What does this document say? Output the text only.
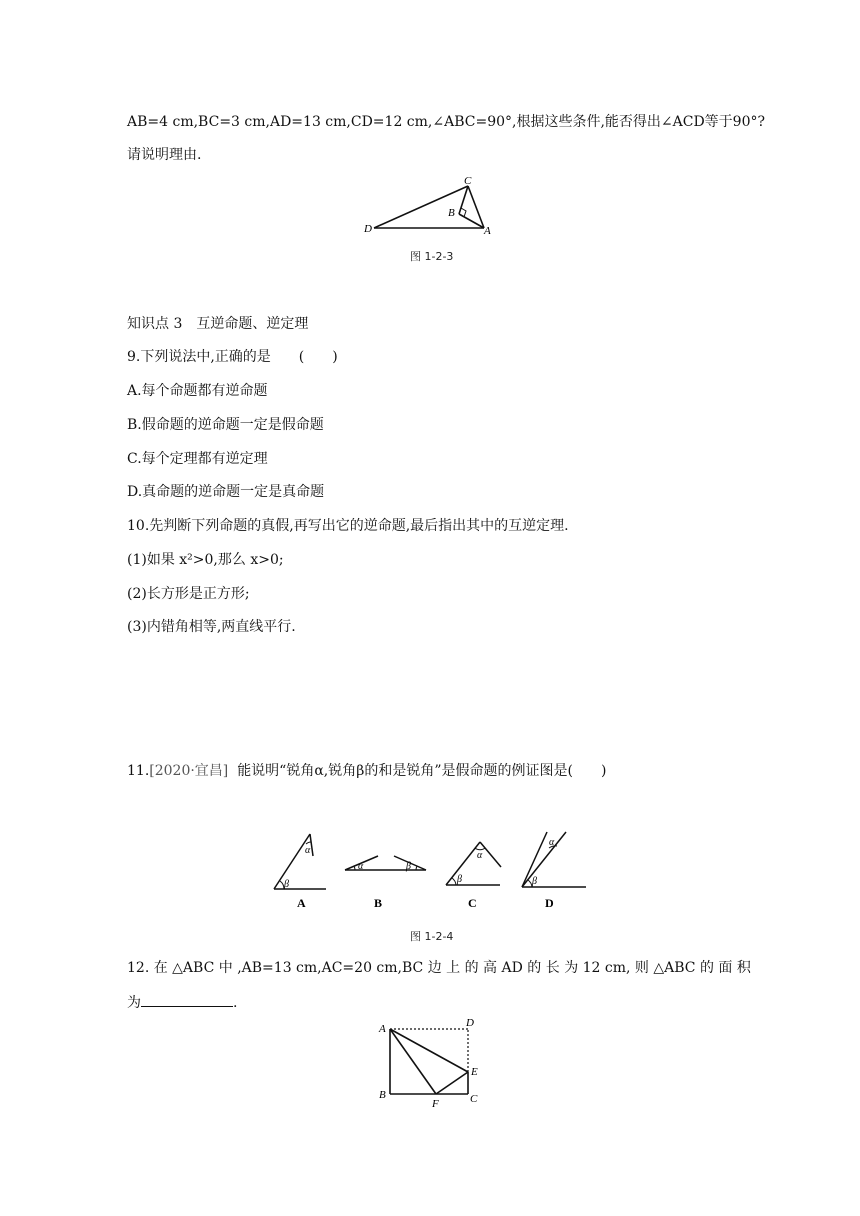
AB=4 cm,BC=3 cm,AD=13 cm,CD=12 cm,∠ABC=90°,根据这些条件,能否得出∠ACD等于90°?
请说明理由.
C
B
D	A
图 1-2-3
知识点 3　互逆命题、逆定理
9.下列说法中,正确的是　　(　　)
A.每个命题都有逆命题
B.假命题的逆命题一定是假命题
C.每个定理都有逆定理
D.真命题的逆命题一定是真命题
10.先判断下列命题的真假,再写出它的逆命题,最后指出其中的互逆定理.
(1)如果 x²>0,那么 x>0;
(2)长方形是正方形;
(3)内错角相等,两直线平行.
11.[2020·宜昌] 能说明“锐角α,锐角β的和是锐角”是假命题的例证图是(　　)
α
β
α	β
α
β
α
β
A	B	C	D
图 1-2-4
12. 在 △ABC 中 ,AB=13 cm,AC=20 cm,BC 边 上 的 高 AD 的 长 为 12 cm, 则 △ABC 的 面 积
为	.
A	D
E
B
F	C
